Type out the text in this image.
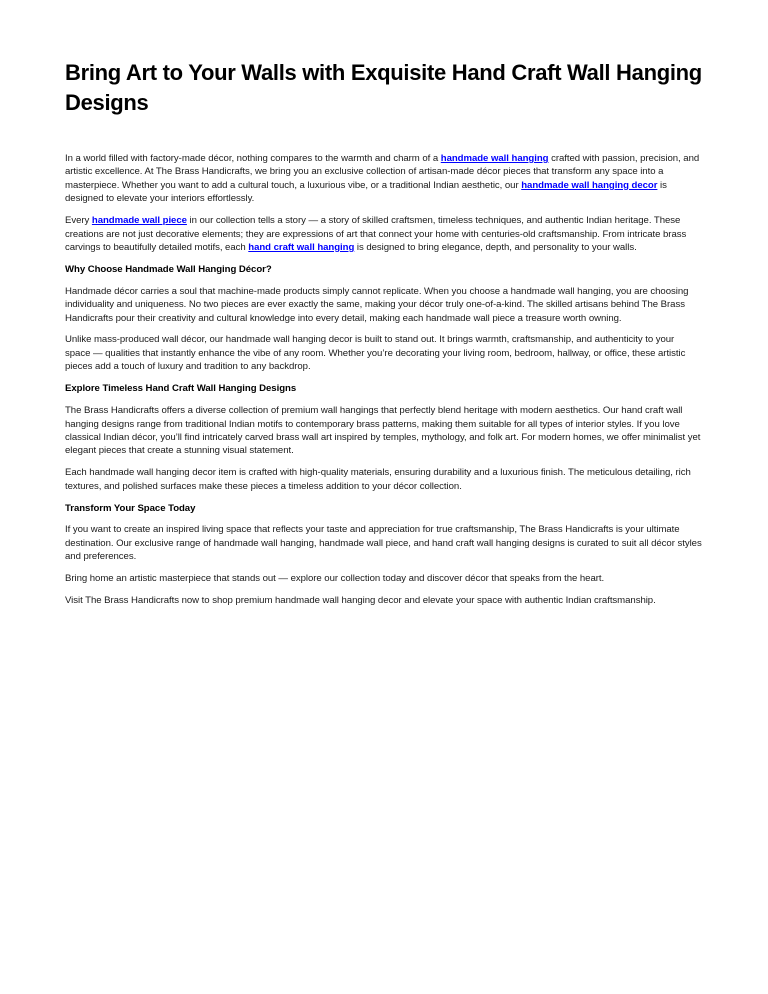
Bring Art to Your Walls with Exquisite Hand Craft Wall Hanging Designs

In a world filled with factory-made décor, nothing compares to the warmth and charm of a handmade wall hanging crafted with passion, precision, and artistic excellence. At The Brass Handicrafts, we bring you an exclusive collection of artisan-made décor pieces that transform any space into a masterpiece. Whether you want to add a cultural touch, a luxurious vibe, or a traditional Indian aesthetic, our handmade wall hanging decor is designed to elevate your interiors effortlessly.

Every handmade wall piece in our collection tells a story — a story of skilled craftsmen, timeless techniques, and authentic Indian heritage. These creations are not just decorative elements; they are expressions of art that connect your home with centuries-old craftsmanship. From intricate brass carvings to beautifully detailed motifs, each hand craft wall hanging is designed to bring elegance, depth, and personality to your walls.

Why Choose Handmade Wall Hanging Décor?

Handmade décor carries a soul that machine-made products simply cannot replicate. When you choose a handmade wall hanging, you are choosing individuality and uniqueness. No two pieces are ever exactly the same, making your décor truly one-of-a-kind. The skilled artisans behind The Brass Handicrafts pour their creativity and cultural knowledge into every detail, making each handmade wall piece a treasure worth owning.

Unlike mass-produced wall décor, our handmade wall hanging decor is built to stand out. It brings warmth, craftsmanship, and authenticity to your space — qualities that instantly enhance the vibe of any room. Whether you’re decorating your living room, bedroom, hallway, or office, these artistic pieces add a touch of luxury and tradition to any backdrop.

Explore Timeless Hand Craft Wall Hanging Designs

The Brass Handicrafts offers a diverse collection of premium wall hangings that perfectly blend heritage with modern aesthetics. Our hand craft wall hanging designs range from traditional Indian motifs to contemporary brass patterns, making them suitable for all types of interior styles. If you love classical Indian décor, you’ll find intricately carved brass wall art inspired by temples, mythology, and folk art. For modern homes, we offer minimalist yet elegant pieces that create a stunning visual statement.

Each handmade wall hanging decor item is crafted with high-quality materials, ensuring durability and a luxurious finish. The meticulous detailing, rich textures, and polished surfaces make these pieces a timeless addition to your décor collection.

Transform Your Space Today

If you want to create an inspired living space that reflects your taste and appreciation for true craftsmanship, The Brass Handicrafts is your ultimate destination. Our exclusive range of handmade wall hanging, handmade wall piece, and hand craft wall hanging designs is curated to suit all décor styles and preferences.

Bring home an artistic masterpiece that stands out — explore our collection today and discover décor that speaks from the heart.

Visit The Brass Handicrafts now to shop premium handmade wall hanging decor and elevate your space with authentic Indian craftsmanship.
